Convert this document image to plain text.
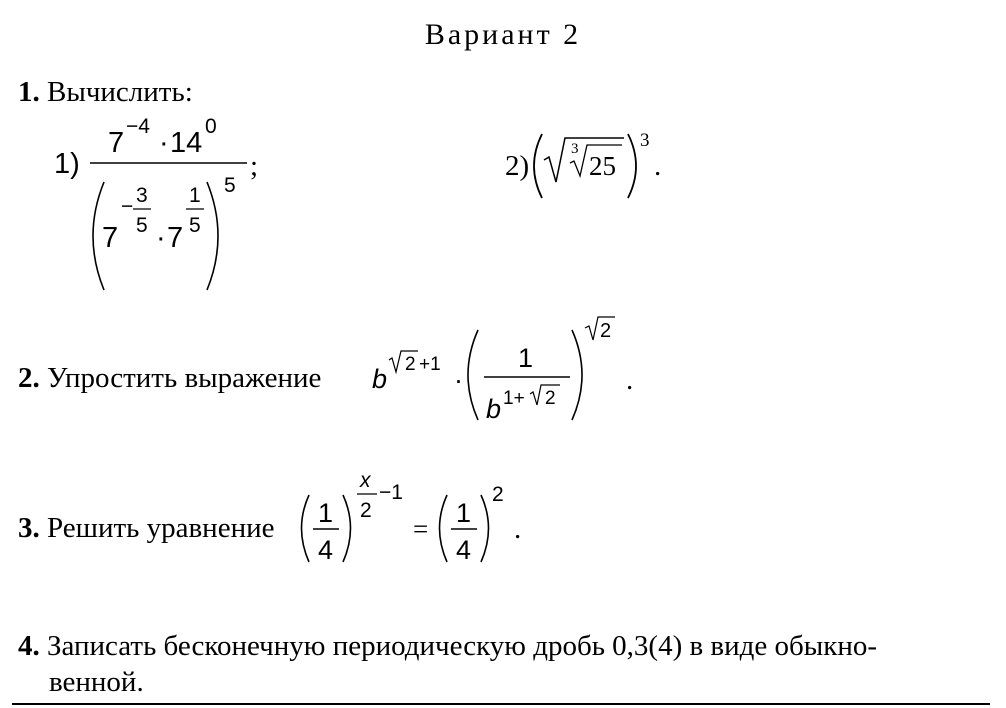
Вариант 2
1. Вычислить:
1)
7
−4
· 14
0
;
7
− 3
5 · 7
1
5
5
2)
3
25
3
.
2. Упростить выражение b 2 +1
·
1
b 1+ 2
2
.
3. Решить уравнение 1
4
x
2
−1
=
1
4
2
.
4. Записать бесконечную периодическую дробь 0,3(4) в виде обыкно-
венной.
